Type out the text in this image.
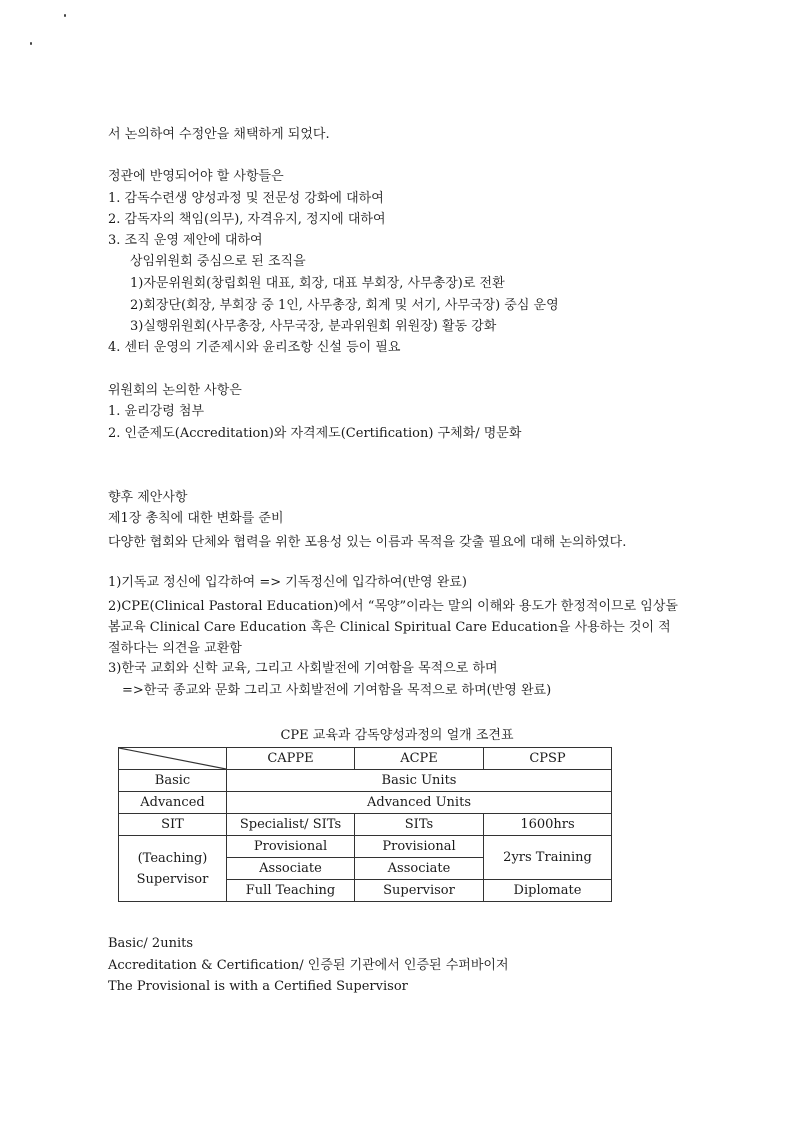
서 논의하여 수정안을 채택하게 되었다.
정관에 반영되어야 할 사항들은
1. 감독수련생 양성과정 및 전문성 강화에 대하여
2. 감독자의 책임(의무), 자격유지, 정지에 대하여
3. 조직 운영 제안에 대하여
상임위원회 중심으로 된 조직을
1)자문위원회(창립회원 대표, 회장, 대표 부회장, 사무총장)로 전환
2)회장단(회장, 부회장 중 1인, 사무총장, 회계 및 서기, 사무국장) 중심 운영
3)실행위원회(사무총장, 사무국장, 분과위원회 위원장) 활동 강화
4. 센터 운영의 기준제시와 윤리조항 신설 등이 필요
위원회의 논의한 사항은
1. 윤리강령 첨부
2. 인준제도(Accreditation)와 자격제도(Certification) 구체화/ 명문화
향후 제안사항
제1장 총칙에 대한 변화를 준비
다양한 협회와 단체와 협력을 위한 포용성 있는 이름과 목적을 갖출 필요에 대해 논의하였다.
1)기독교 정신에 입각하여 => 기독정신에 입각하여(반영 완료)
2)CPE(Clinical Pastoral Education)에서 “목양”이라는 말의 이해와 용도가 한정적이므로 임상돌봄교육 Clinical Care Education 혹은 Clinical Spiritual Care Education을 사용하는 것이 적절하다는 의견을 교환함
3)한국 교회와 신학 교육, 그리고 사회발전에 기여함을 목적으로 하며
=>한국 종교와 문화 그리고 사회발전에 기여함을 목적으로 하며(반영 완료)
CPE 교육과 감독양성과정의 얼개 조견표
	CAPPE	ACPE	CPSP
Basic	Basic Units		
Advanced	Advanced Units		
SIT	Specialist/ SITs	SITs	1600hrs
(Teaching)
Supervisor	Provisional	Provisional	2yrs Training
	Associate	Associate	
	Full Teaching	Supervisor	Diplomate
Basic/ 2units
Accreditation & Certification/ 인증된 기관에서 인증된 수퍼바이저
The Provisional is with a Certified Supervisor
